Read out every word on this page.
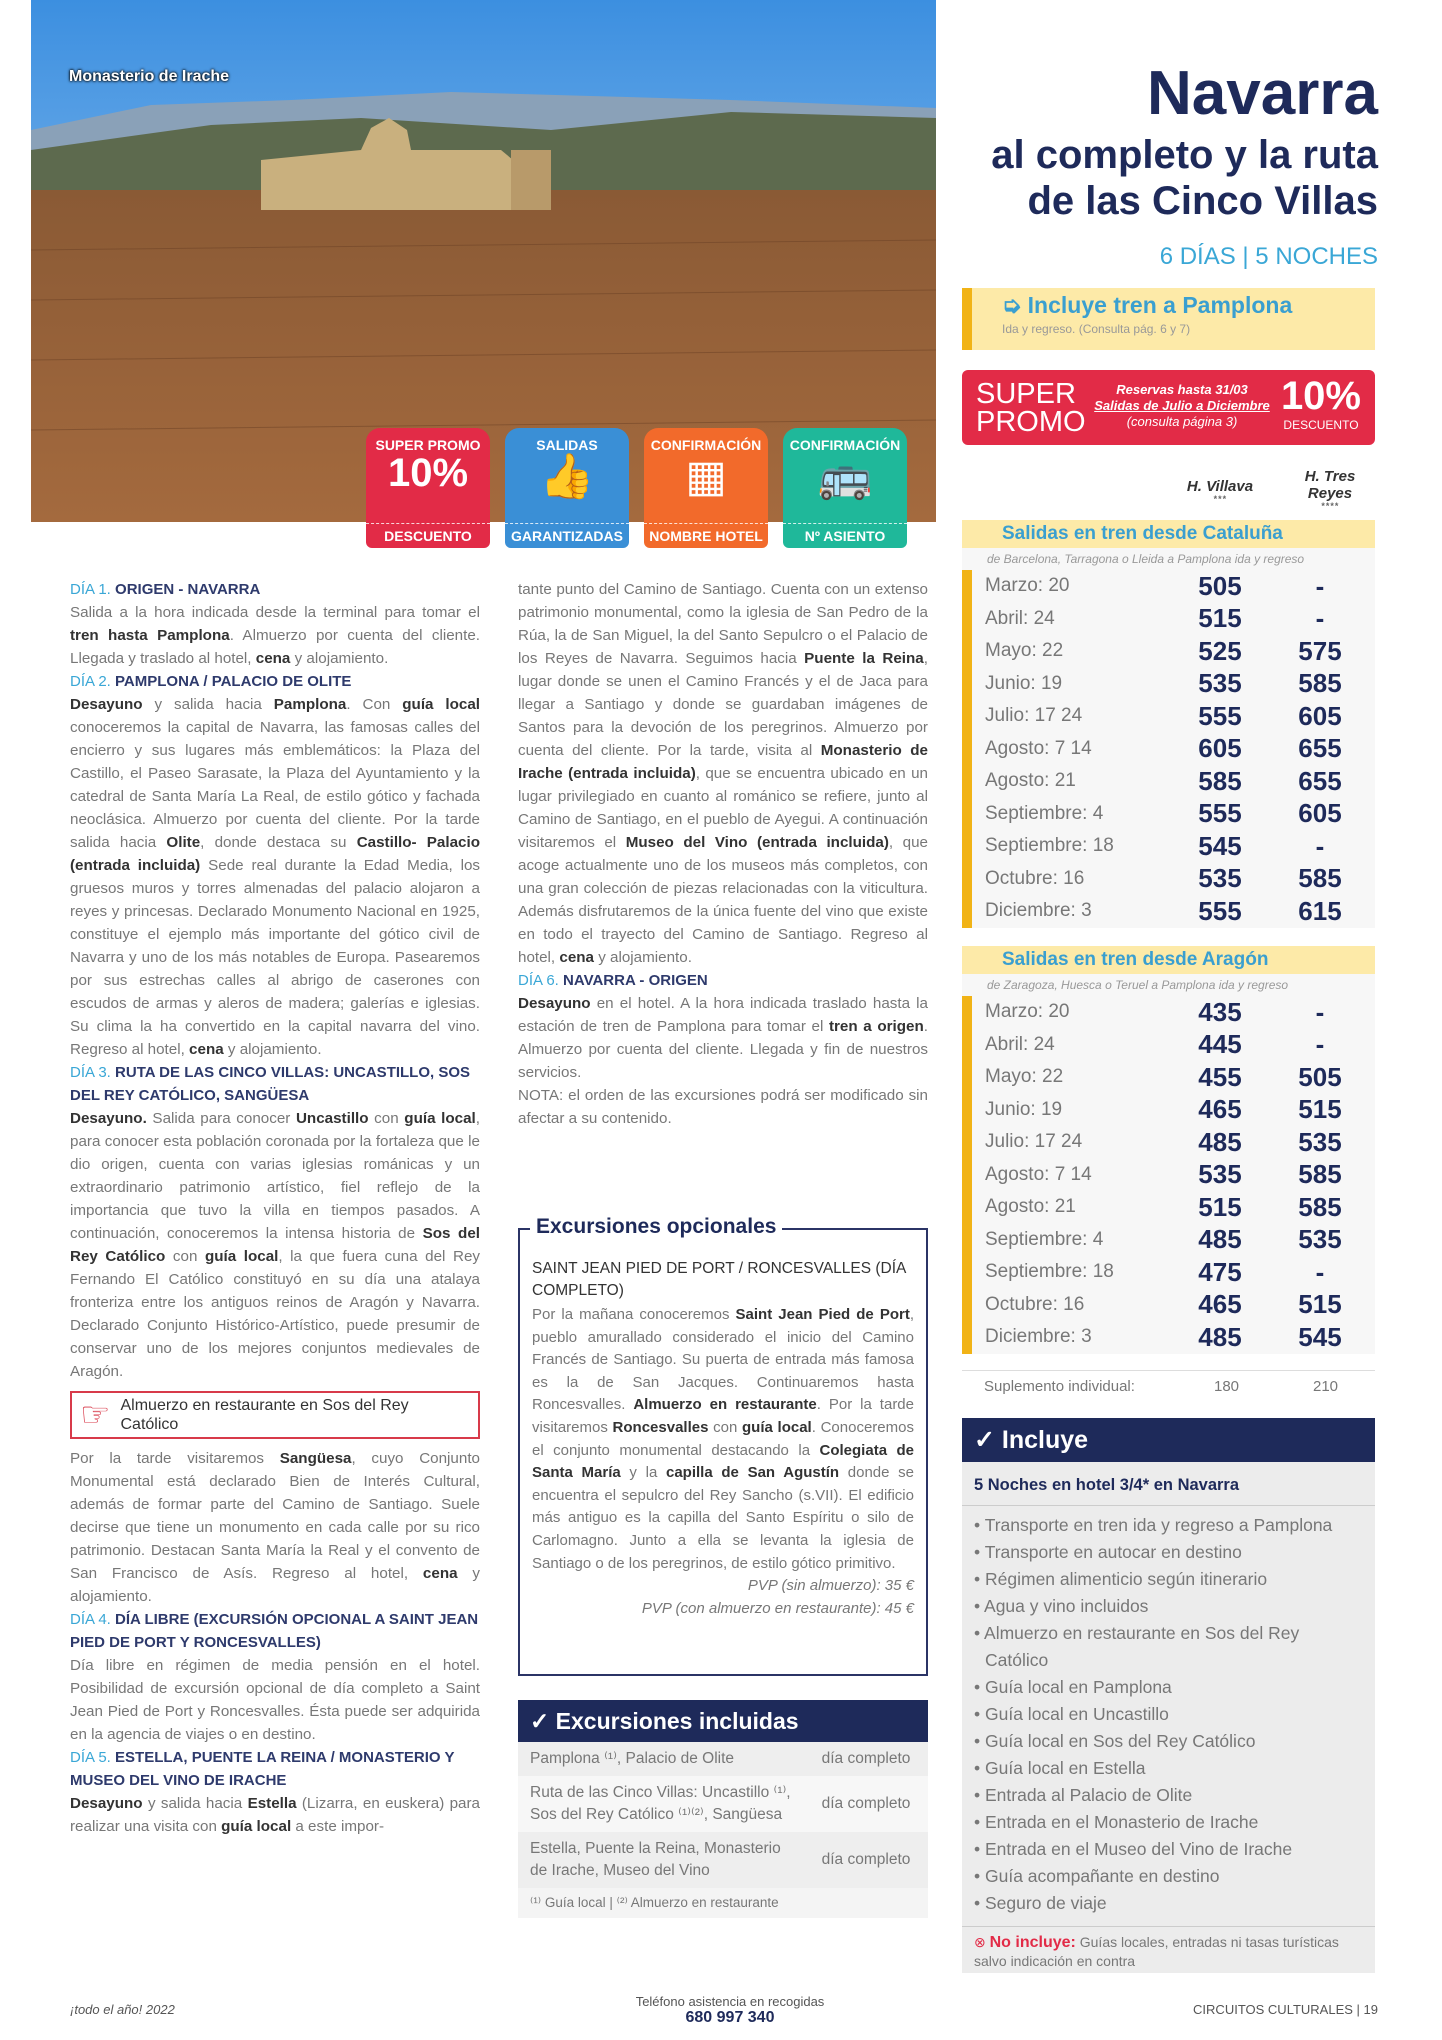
Monasterio de Irache
SUPER PROMO
10%
DESCUENTO
SALIDAS
👍
GARANTIZADAS
CONFIRMACIÓN
▦
NOMBRE HOTEL
CONFIRMACIÓN
🚌
Nº ASIENTO

DÍA 1. ORIGEN - NAVARRA

Salida a la hora indicada desde la terminal para tomar el tren hasta Pamplona. Almuerzo por cuenta del cliente. Llegada y traslado al hotel, cena y alojamiento.

DÍA 2. PAMPLONA / PALACIO DE OLITE

Desayuno y salida hacia Pamplona. Con guía local conoceremos la capital de Navarra, las famosas calles del encierro y sus lugares más emblemáticos: la Plaza del Castillo, el Paseo Sarasate, la Plaza del Ayuntamiento y la catedral de Santa María La Real, de estilo gótico y fachada neoclásica. Almuerzo por cuenta del cliente. Por la tarde salida hacia Olite, donde destaca su Castillo- Palacio (entrada incluida) Sede real durante la Edad Media, los gruesos muros y torres almenadas del palacio alojaron a reyes y princesas. Declarado Monumento Nacional en 1925, constituye el ejemplo más importante del gótico civil de Navarra y uno de los más notables de Europa. Pasearemos por sus estrechas calles al abrigo de caserones con escudos de armas y aleros de madera; galerías e iglesias. Su clima la ha convertido en la capital navarra del vino. Regreso al hotel, cena y alojamiento.

DÍA 3. RUTA DE LAS CINCO VILLAS: UNCASTILLO, SOS DEL REY CATÓLICO, SANGÜESA

Desayuno. Salida para conocer Uncastillo con guía local, para conocer esta población coronada por la fortaleza que le dio origen, cuenta con varias iglesias románicas y un extraordinario patrimonio artístico, fiel reflejo de la importancia que tuvo la villa en tiempos pasados. A continuación, conoceremos la intensa historia de Sos del Rey Católico con guía local, la que fuera cuna del Rey Fernando El Católico constituyó en su día una atalaya fronteriza entre los antiguos reinos de Aragón y Navarra. Declarado Conjunto Histórico-Artístico, puede presumir de conservar uno de los mejores conjuntos medievales de Aragón.

☞ Almuerzo en restaurante en Sos del Rey Católico

Por la tarde visitaremos Sangüesa, cuyo Conjunto Monumental está declarado Bien de Interés Cultural, además de formar parte del Camino de Santiago. Suele decirse que tiene un monumento en cada calle por su rico patrimonio. Destacan Santa María la Real y el convento de San Francisco de Asís. Regreso al hotel, cena y alojamiento.

DÍA 4. DÍA LIBRE (EXCURSIÓN OPCIONAL A SAINT JEAN PIED DE PORT Y RONCESVALLES)

Día libre en régimen de media pensión en el hotel. Posibilidad de excursión opcional de día completo a Saint Jean Pied de Port y Roncesvalles. Ésta puede ser adquirida en la agencia de viajes o en destino.

DÍA 5. ESTELLA, PUENTE LA REINA / MONASTERIO Y MUSEO DEL VINO DE IRACHE

Desayuno y salida hacia Estella (Lizarra, en euskera) para realizar una visita con guía local a este impor-

tante punto del Camino de Santiago. Cuenta con un extenso patrimonio monumental, como la iglesia de San Pedro de la Rúa, la de San Miguel, la del Santo Sepulcro o el Palacio de los Reyes de Navarra. Seguimos hacia Puente la Reina, lugar donde se unen el Camino Francés y el de Jaca para llegar a Santiago y donde se guardaban imágenes de Santos para la devoción de los peregrinos. Almuerzo por cuenta del cliente. Por la tarde, visita al Monasterio de Irache (entrada incluida), que se encuentra ubicado en un lugar privilegiado en cuanto al románico se refiere, junto al Camino de Santiago, en el pueblo de Ayegui. A continuación visitaremos el Museo del Vino (entrada incluida), que acoge actualmente uno de los museos más completos, con una gran colección de piezas relacionadas con la viticultura. Además disfrutaremos de la única fuente del vino que existe en todo el trayecto del Camino de Santiago. Regreso al hotel, cena y alojamiento.

DÍA 6. NAVARRA - ORIGEN

Desayuno en el hotel. A la hora indicada traslado hasta la estación de tren de Pamplona para tomar el tren a origen. Almuerzo por cuenta del cliente. Llegada y fin de nuestros servicios.

NOTA: el orden de las excursiones podrá ser modificado sin afectar a su contenido.

Excursiones opcionales
SAINT JEAN PIED DE PORT / RONCESVALLES (DÍA COMPLETO)

Por la mañana conoceremos Saint Jean Pied de Port, pueblo amurallado considerado el inicio del Camino Francés de Santiago. Su puerta de entrada más famosa es la de San Jacques. Continuaremos hasta Roncesvalles. Almuerzo en restaurante. Por la tarde visitaremos Roncesvalles con guía local. Conoceremos el conjunto monumental destacando la Colegiata de Santa María y la capilla de San Agustín donde se encuentra el sepulcro del Rey Sancho (s.VII). El edificio más antiguo es la capilla del Santo Espíritu o silo de Carlomagno. Junto a ella se levanta la iglesia de Santiago o de los peregrinos, de estilo gótico primitivo.

PVP (sin almuerzo): 35 €
PVP (con almuerzo en restaurante): 45 €
✓ Excursiones incluidas
Pamplona ⁽¹⁾, Palacio de Olite	día completo
Ruta de las Cinco Villas: Uncastillo ⁽¹⁾, Sos del Rey Católico ⁽¹⁾⁽²⁾, Sangüesa	día completo
Estella, Puente la Reina, Monasterio de Irache, Museo del Vino	día completo
⁽¹⁾ Guía local | ⁽²⁾ Almuerzo en restaurante	
Navarra
al completo y la ruta
de las Cinco Villas
6 DÍAS | 5 NOCHES
➭ Incluye tren a Pamplona
Ida y regreso. (Consulta pág. 6 y 7)
SUPER
PROMO
Reservas hasta 31/03
Salidas de Julio a Diciembre
(consulta página 3)
10%
DESCUENTO
H. Villava
***
H. Tres
Reyes
****
Salidas en tren desde Cataluña
de Barcelona, Tarragona o Lleida a Pamplona ida y regreso
Marzo: 20	505	-
Abril: 24	515	-
Mayo: 22	525	575
Junio: 19	535	585
Julio: 17 24	555	605
Agosto: 7 14	605	655
Agosto: 21	585	655
Septiembre: 4	555	605
Septiembre: 18	545	-
Octubre: 16	535	585
Diciembre: 3	555	615
Salidas en tren desde Aragón
de Zaragoza, Huesca o Teruel a Pamplona ida y regreso
Marzo: 20	435	-
Abril: 24	445	-
Mayo: 22	455	505
Junio: 19	465	515
Julio: 17 24	485	535
Agosto: 7 14	535	585
Agosto: 21	515	585
Septiembre: 4	485	535
Septiembre: 18	475	-
Octubre: 16	465	515
Diciembre: 3	485	545
Suplemento individual:	180	210
✓ Incluye
5 Noches en hotel 3/4* en Navarra
• Transporte en tren ida y regreso a Pamplona
• Transporte en autocar en destino
• Régimen alimenticio según itinerario
• Agua y vino incluidos
• Almuerzo en restaurante en Sos del Rey Católico
• Guía local en Pamplona
• Guía local en Uncastillo
• Guía local en Sos del Rey Católico
• Guía local en Estella
• Entrada al Palacio de Olite
• Entrada en el Monasterio de Irache
• Entrada en el Museo del Vino de Irache
• Guía acompañante en destino
• Seguro de viaje
⊗ No incluye: Guías locales, entradas ni tasas turísticas salvo indicación en contra
¡todo el año! 2022
Teléfono asistencia en recogidas
680 997 340	CIRCUITOS CULTURALES | 19
